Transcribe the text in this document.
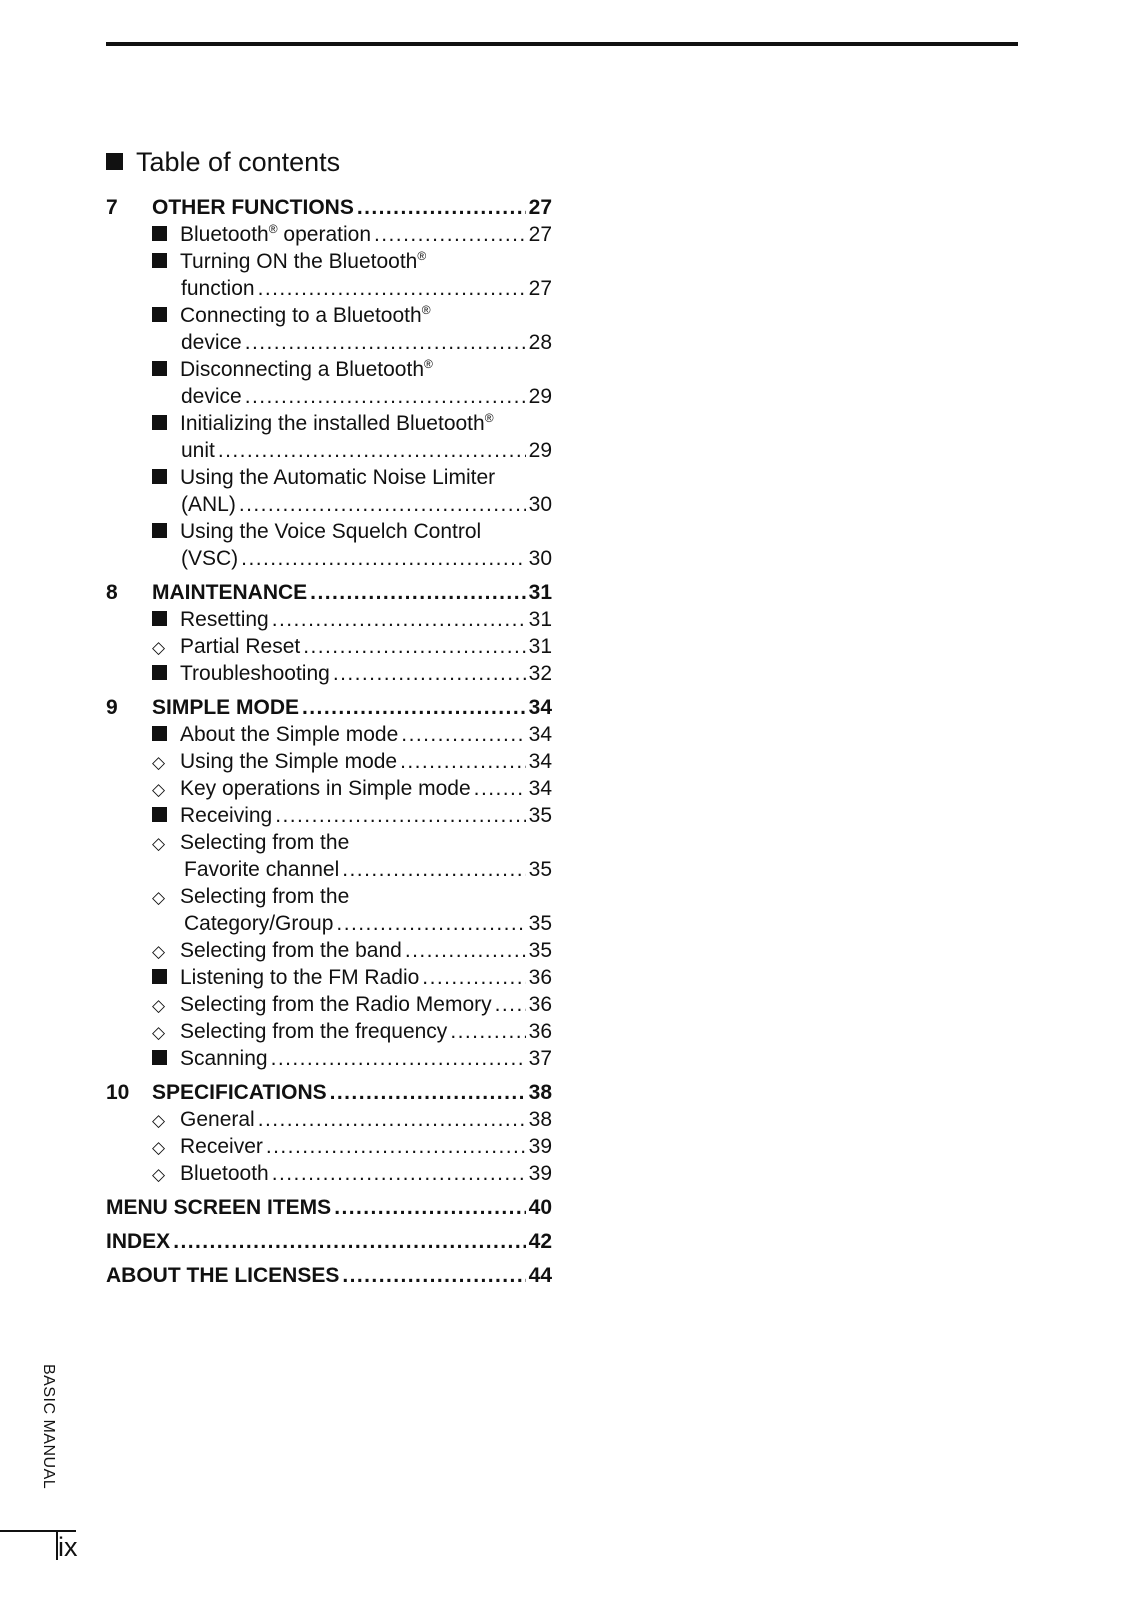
Table of contents
7	OTHER FUNCTIONS . . .	27
Bluetooth® operation . . .	27
Turning ON the Bluetooth®
function . . .	27
Connecting to a Bluetooth®
device . . .	28
Disconnecting a Bluetooth®
device . . .	29
Initializing the installed Bluetooth®
unit . . .	29
Using the Automatic Noise Limiter
(ANL) . . .	30
Using the Voice Squelch Control
(VSC) . . .	30
8	MAINTENANCE . . .	31
Resetting . . .	31
◇
Partial Reset . . .	31
Troubleshooting . . .	32
9	SIMPLE MODE . . .	34
About the Simple mode . . .	34
◇
Using the Simple mode . . .	34
◇
Key operations in Simple mode . . .	34
Receiving . . .	35
◇
Selecting from the
Favorite channel . . .	35
◇
Selecting from the
Category/Group . . .	35
◇
Selecting from the band . . .	35
Listening to the FM Radio . . .	36
◇
Selecting from the Radio Memory . . . 36
◇
Selecting from the frequency . . .	36
Scanning . . .	37
10	SPECIFICATIONS . . .	38
◇
General . . .	38
◇
Receiver . . .	39
◇
Bluetooth . . .	39
MENU SCREEN ITEMS . . .	40
INDEX . . .	42
ABOUT THE LICENSES . . .	44
BASIC MANUAL
ix
